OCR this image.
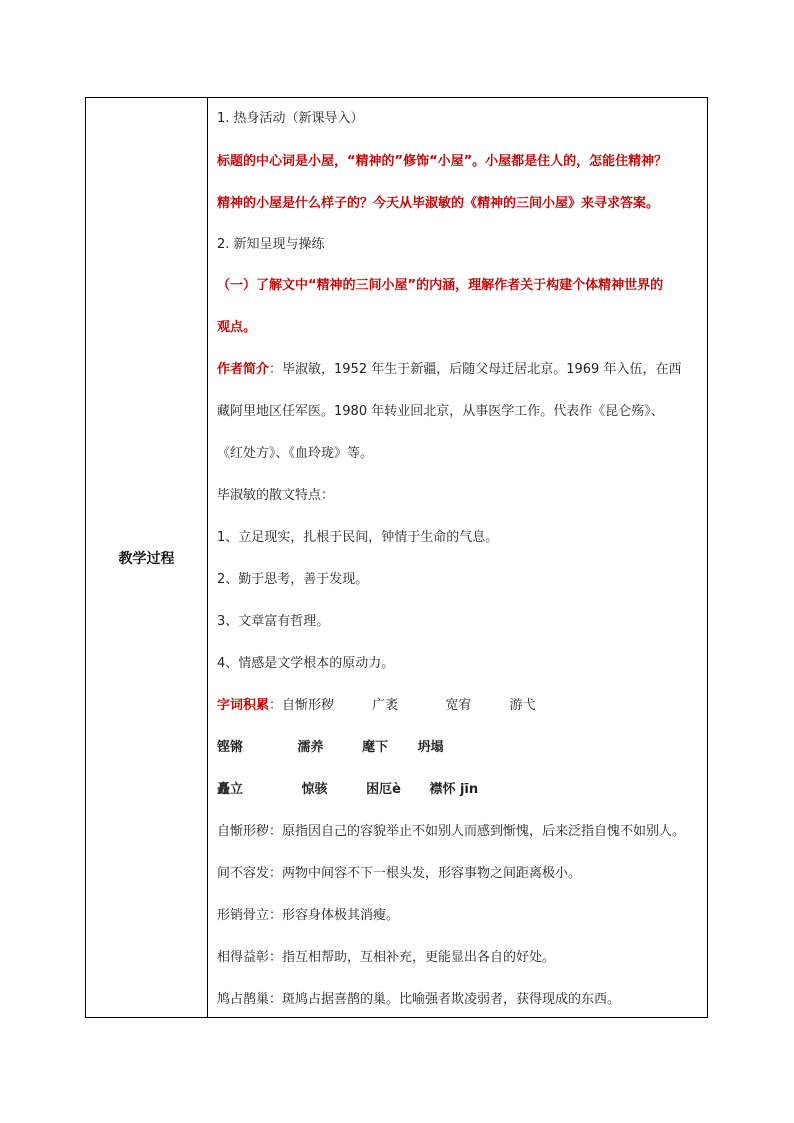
教学过程
1. 热身活动（新课导入）
标题的中心词是小屋，“精神的”修饰“小屋”。小屋都是住人的，怎能住精神？
精神的小屋是什么样子的？今天从毕淑敏的《精神的三间小屋》来寻求答案。
2. 新知呈现与操练
（一）了解文中“精神的三间小屋”的内涵，理解作者关于构建个体精神世界的
观点。
作者简介：毕淑敏，1952 年生于新疆，后随父母迁居北京。1969 年入伍，在西
藏阿里地区任军医。1980 年转业回北京，从事医学工作。代表作《昆仑殇》、
《红处方》、《血玲珑》等。
毕淑敏的散文特点：
1、立足现实，扎根于民间，钟情于生命的气息。
2、勤于思考，善于发现。
3、文章富有哲理。
4、情感是文学根本的原动力。
字词积累：自惭形秽	广袤	宽宥	游弋
铿锵	濡养	麾下 坍塌
矗立	惊骇	困厄è 襟怀 jīn
自惭形秽：原指因自己的容貌举止不如别人而感到惭愧，后来泛指自愧不如别人。
间不容发：两物中间容不下一根头发，形容事物之间距离极小。
形销骨立：形容身体极其消瘦。
相得益彰：指互相帮助，互相补充，更能显出各自的好处。
鸠占鹊巢：斑鸠占据喜鹊的巢。比喻强者欺凌弱者，获得现成的东西。
